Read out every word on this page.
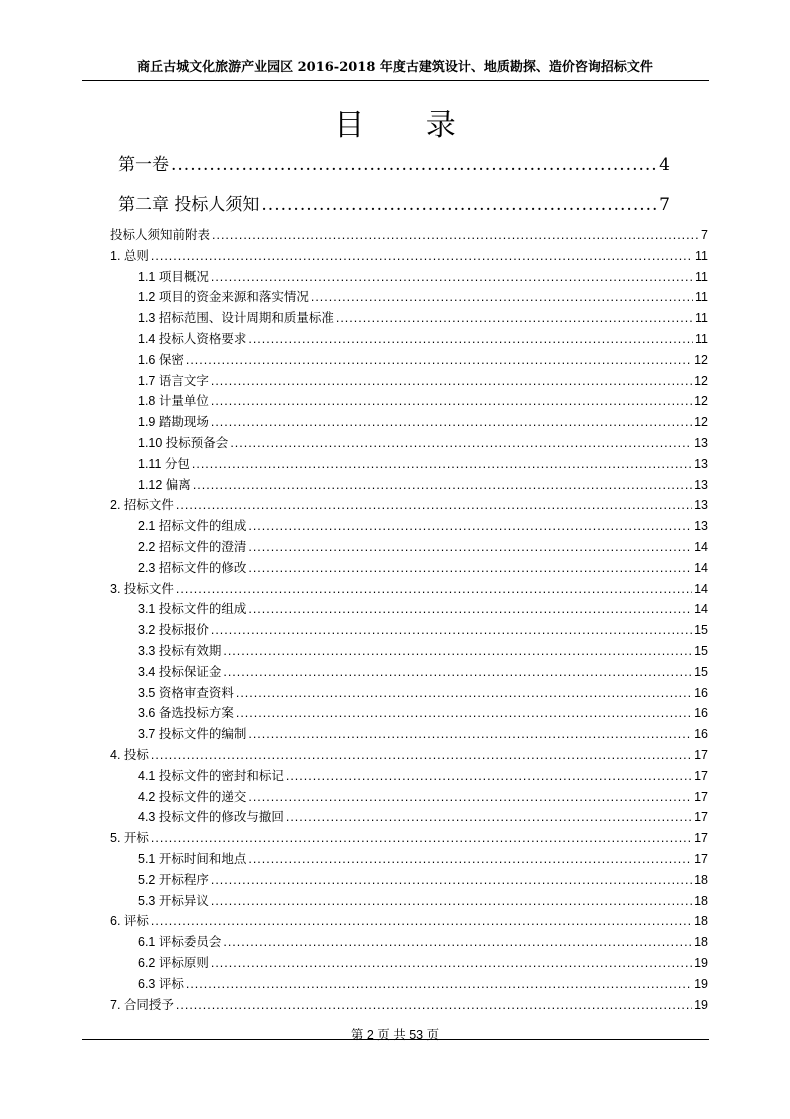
商丘古城文化旅游产业园区 2016-2018 年度古建筑设计、地质勘探、造价咨询招标文件
目 录
第一卷 .....	4
第二章 投标人须知 .....	7
投标人须知前附表 .....	7
1. 总则 .....	11
1.1 项目概况 .....	11
1.2 项目的资金来源和落实情况 .....	11
1.3 招标范围、设计周期和质量标准 .....	11
1.4 投标人资格要求 .....	11
1.6 保密 .....	12
1.7 语言文字 .....	12
1.8 计量单位 .....	12
1.9 踏勘现场 .....	12
1.10 投标预备会 .....	13
1.11 分包 .....	13
1.12 偏离 .....	13
2. 招标文件 .....	13
2.1 招标文件的组成 .....	13
2.2 招标文件的澄清 .....	14
2.3 招标文件的修改 .....	14
3. 投标文件 .....	14
3.1 投标文件的组成 .....	14
3.2 投标报价 .....	15
3.3 投标有效期 .....	15
3.4 投标保证金 .....	15
3.5 资格审查资料 .....	16
3.6 备选投标方案 .....	16
3.7 投标文件的编制 .....	16
4. 投标 .....	17
4.1 投标文件的密封和标记 .....	17
4.2 投标文件的递交 .....	17
4.3 投标文件的修改与撤回 .....	17
5. 开标 .....	17
5.1 开标时间和地点 .....	17
5.2 开标程序 .....	18
5.3 开标异议 .....	18
6. 评标 .....	18
6.1 评标委员会 .....	18
6.2 评标原则 .....	19
6.3 评标 .....	19
7. 合同授予 .....	19
第 2 页 共 53 页
